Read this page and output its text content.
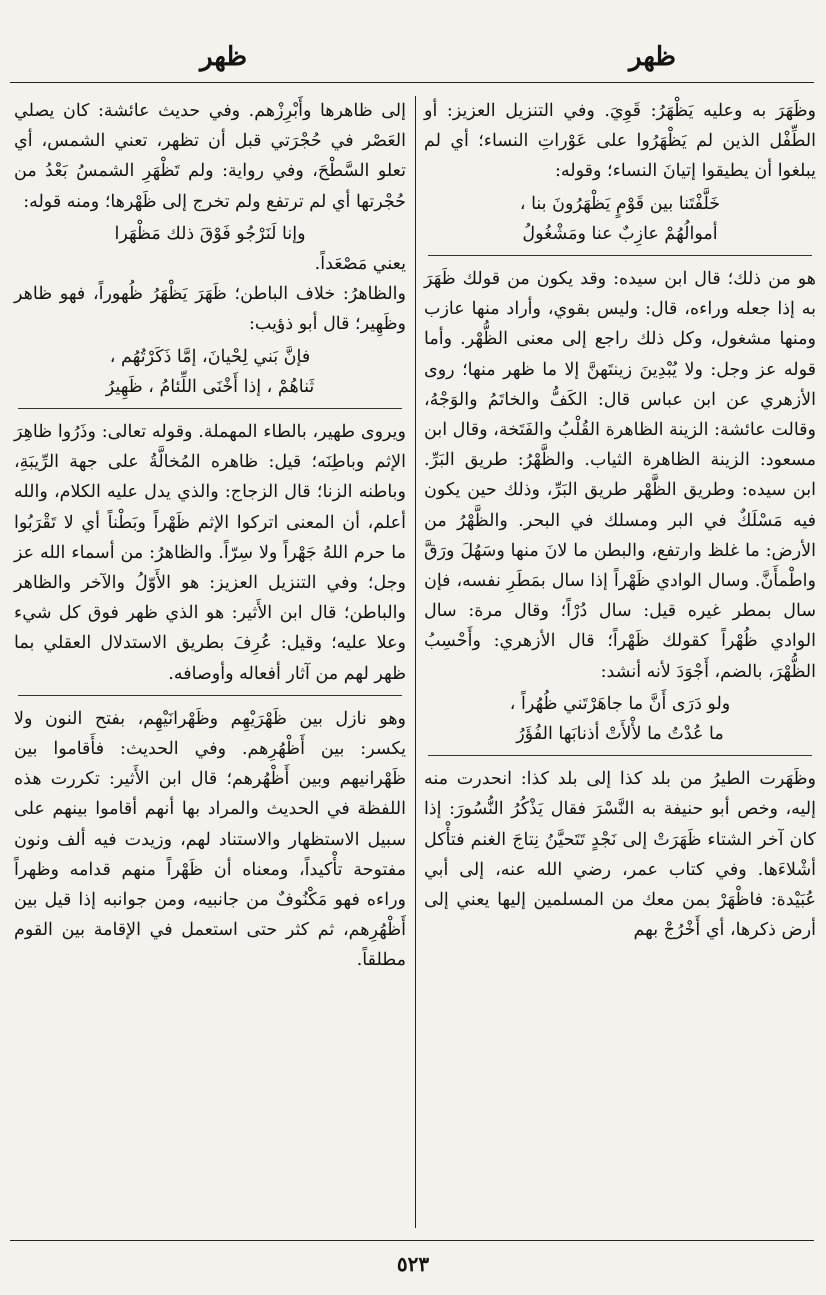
ظهر
ظهر

وظَهَرَ به وعليه يَظْهَرُ: قَوِيَ. وفي التنزيل العزيز: أو الطِّفْل الذين لم يَظْهَرُوا على عَوْراتِ النساء؛ أي لم يبلغوا أن يطيقوا إتيانَ النساء؛ وقوله:

خَلَّفْتَنا بين قَوْمٍ يَظْهَرُونَ بنا ،
أموالُهُمْ عازِبٌ عنا ومَشْغُولُ

هو من ذلك؛ قال ابن سيده: وقد يكون من قولك ظَهَرَ به إذا جعله وراءه، قال: وليس بقوي، وأراد منها عازب ومنها مشغول، وكل ذلك راجع إلى معنى الظُّهْر. وأما قوله عز وجل: ولا يُبْدِينَ زينتَهنَّ إلا ما ظهر منها؛ روى الأزهري عن ابن عباس قال: الكَفُّ والخاتَمُ والوَجْهُ، وقالت عائشة: الزينة الظاهرة القُلْبُ والفَتَخة، وقال ابن مسعود: الزينة الظاهرة الثياب. والظَّهْرُ: طريق البَرِّ. ابن سيده: وطريق الظَّهْر طريق البَرِّ، وذلك حين يكون فيه مَسْلَكٌ في البر ومسلك في البحر. والظَّهْرُ من الأرض: ما غلظ وارتفع، والبطن ما لانَ منها وسَهُلَ ورَقَّ واطْمأَنَّ. وسال الوادي ظَهْراً إذا سال بمَطَرِ نفسه، فإن سال بمطر غيره قيل: سال دُرْاً؛ وقال مرة: سال الوادي ظُهْراً كقولك ظَهْراً؛ قال الأزهري: وأَحْسِبُ الظُّهْرَ، بالضم، أَجْوَدَ لأنه أنشد:

ولو دَرَى أَنَّ ما جاهَرْتَني ظُهُراً ،
ما عُدْتُ ما لأْلأَتْ أذنابَها الفُؤَرُ

وظَهَرت الطيرُ من بلد كذا إلى بلد كذا: انحدرت منه إليه، وخص أبو حنيفة به النَّسْرَ فقال يَذْكُرُ النُّسُورَ: إذا كان آخر الشتاء ظَهَرَتْ إلى نَجْدٍ تَتَحيَّنُ نِتاجَ الغنم فتأْكل أشْلاءَها. وفي كتاب عمر، رضي الله عنه، إلى أبي عُبَيْدة: فاظْهَرْ بمن معك من المسلمين إليها يعني إلى أرض ذكرها، أي أَخْرُجْ بهم

إلى ظاهرها وأَبْرِزْهم. وفي حديث عائشة: كان يصلي العَصْر في حُجْرَتي قبل أن تظهر، تعني الشمس، أي تعلو السَّطْحَ، وفي رواية: ولم تَظْهَرِ الشمسُ بَعْدُ من حُجْرتها أي لم ترتفع ولم تخرج إلى ظَهْرها؛ ومنه قوله:

وإنا لَنَرْجُو فَوْقَ ذلك مَظْهَرا

يعني مَصْعَداً.

والظاهرُ: خلاف الباطن؛ ظَهَرَ يَظْهَرُ ظُهوراً، فهو ظاهر وظَهِير؛ قال أبو ذؤيب:

فإنَّ بَني لِحْيانَ، إمَّا ذَكَرْتُهُم ،
ثَناهُمْ ، إذا أَخْنَى اللِّئامُ ، ظَهِيرُ

ويروى طهير، بالطاء المهملة. وقوله تعالى: وذَرُوا ظاهِرَ الإثم وباطِنَه؛ قيل: ظاهره المُخالَّةُ على جهة الرِّيبَةِ، وباطنه الزنا؛ قال الزجاج: والذي يدل عليه الكلام، والله أعلم، أن المعنى اتركوا الإثم ظَهْراً وبَطْناً أي لا تَقْرَبُوا ما حرم اللهُ جَهْراً ولا سِرّاً. والظاهرُ: من أسماء الله عز وجل؛ وفي التنزيل العزيز: هو الأَوّلُ والآخر والظاهر والباطن؛ قال ابن الأَثير: هو الذي ظهر فوق كل شيء وعلا عليه؛ وقيل: عُرِفَ بطريق الاستدلال العقلي بما ظهر لهم من آثار أفعاله وأوصافه.

وهو نازل بين ظَهْرَيْهِم وظَهْرانَيْهِم، بفتح النون ولا يكسر: بين أَظْهُرِهم. وفي الحديث: فأَقاموا بين ظَهْرانيهم وبين أَظْهُرهم؛ قال ابن الأَثير: تكررت هذه اللفظة في الحديث والمراد بها أنهم أقاموا بينهم على سبيل الاستظهار والاستناد لهم، وزيدت فيه ألف ونون مفتوحة تأْكيداً، ومعناه أن ظَهْراً منهم قدامه وظهراً وراءه فهو مَكْنُوفٌ من جانبيه، ومن جوانبه إذا قيل بين أَظْهُرِهم، ثم كثر حتى استعمل في الإقامة بين القوم مطلقاً.

٥٢٣
